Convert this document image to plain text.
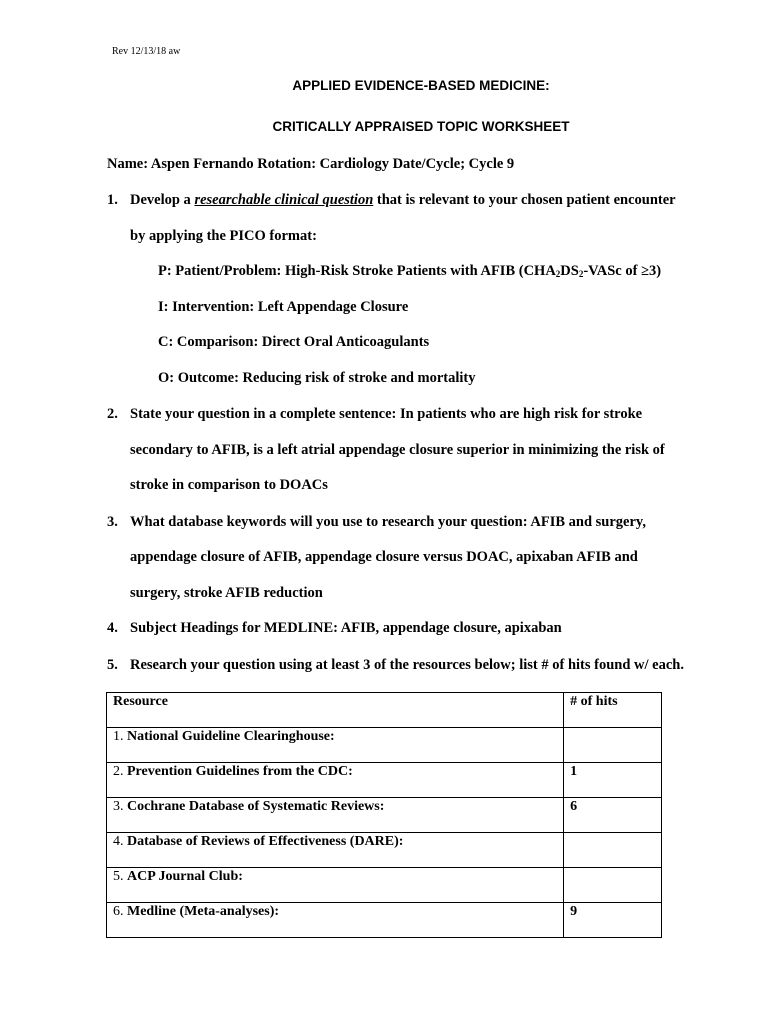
Rev 12/13/18 aw
APPLIED EVIDENCE-BASED MEDICINE:
CRITICALLY APPRAISED TOPIC WORKSHEET
Name: Aspen Fernando Rotation: Cardiology Date/Cycle; Cycle 9
1. Develop a researchable clinical question that is relevant to your chosen patient encounter
by applying the PICO format:
P: Patient/Problem: High-Risk Stroke Patients with AFIB ($CHA_2DS_2$-VASc of ≥3)
I: Intervention: Left Appendage Closure
C: Comparison: Direct Oral Anticoagulants
O: Outcome: Reducing risk of stroke and mortality
2. State your question in a complete sentence: In patients who are high risk for stroke
secondary to AFIB, is a left atrial appendage closure superior in minimizing the risk of
stroke in comparison to DOACs
3. What database keywords will you use to research your question: AFIB and surgery,
appendage closure of AFIB, appendage closure versus DOAC, apixaban AFIB and
surgery, stroke AFIB reduction
4. Subject Headings for MEDLINE: AFIB, appendage closure, apixaban
5. Research your question using at least 3 of the resources below; list # of hits found w/ each.
Resource	# of hits
1. National Guideline Clearinghouse:	
2. Prevention Guidelines from the CDC:	1
3. Cochrane Database of Systematic Reviews:	6
4. Database of Reviews of Effectiveness (DARE):	
5. ACP Journal Club:	
6. Medline (Meta-analyses):	9
